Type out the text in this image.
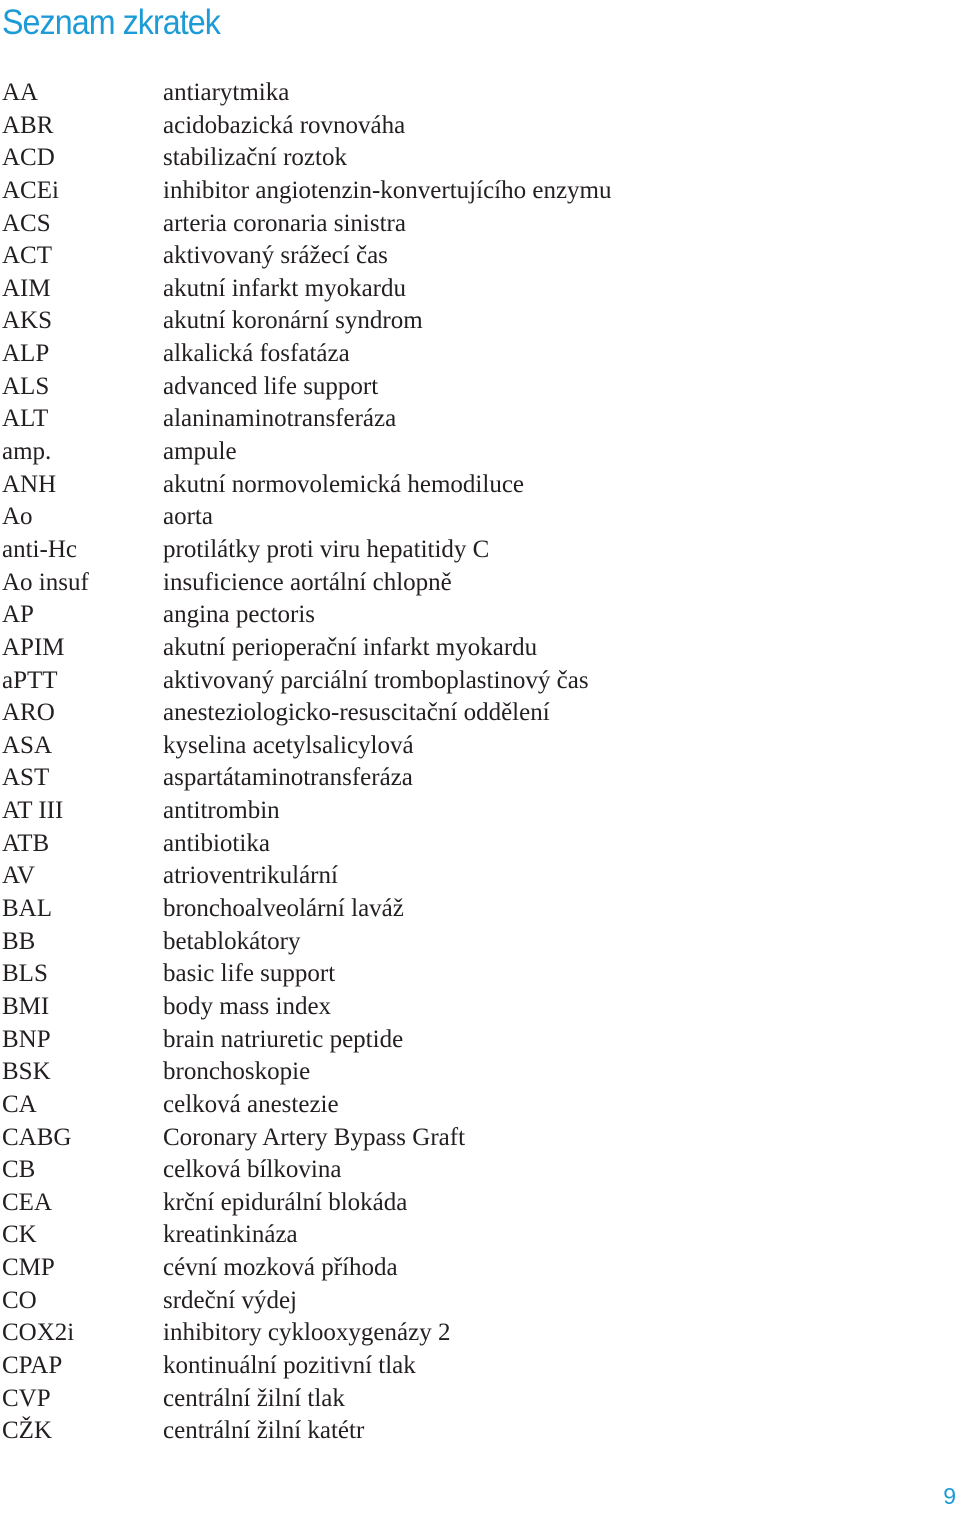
Seznam zkratek
AA	antiarytmika
ABR	acidobazická rovnováha
ACD	stabilizační roztok
ACEi	inhibitor angiotenzin-konvertujícího enzymu
ACS	arteria coronaria sinistra
ACT	aktivovaný srážecí čas
AIM	akutní infarkt myokardu
AKS	akutní koronární syndrom
ALP	alkalická fosfatáza
ALS	advanced life support
ALT	alaninaminotransferáza
amp.	ampule
ANH	akutní normovolemická hemodiluce
Ao	aorta
anti-Hc	protilátky proti viru hepatitidy C
Ao insuf	insuficience aortální chlopně
AP	angina pectoris
APIM	akutní perioperační infarkt myokardu
aPTT	aktivovaný parciální tromboplastinový čas
ARO	anesteziologicko-resuscitační oddělení
ASA	kyselina acetylsalicylová
AST	aspartátaminotransferáza
AT III	antitrombin
ATB	antibiotika
AV	atrioventrikulární
BAL	bronchoalveolární laváž
BB	betablokátory
BLS	basic life support
BMI	body mass index
BNP	brain natriuretic peptide
BSK	bronchoskopie
CA	celková anestezie
CABG	Coronary Artery Bypass Graft
CB	celková bílkovina
CEA	krční epidurální blokáda
CK	kreatinkináza
CMP	cévní mozková příhoda
CO	srdeční výdej
COX2i	inhibitory cyklooxygenázy 2
CPAP	kontinuální pozitivní tlak
CVP	centrální žilní tlak
CŽK	centrální žilní katétr
9
